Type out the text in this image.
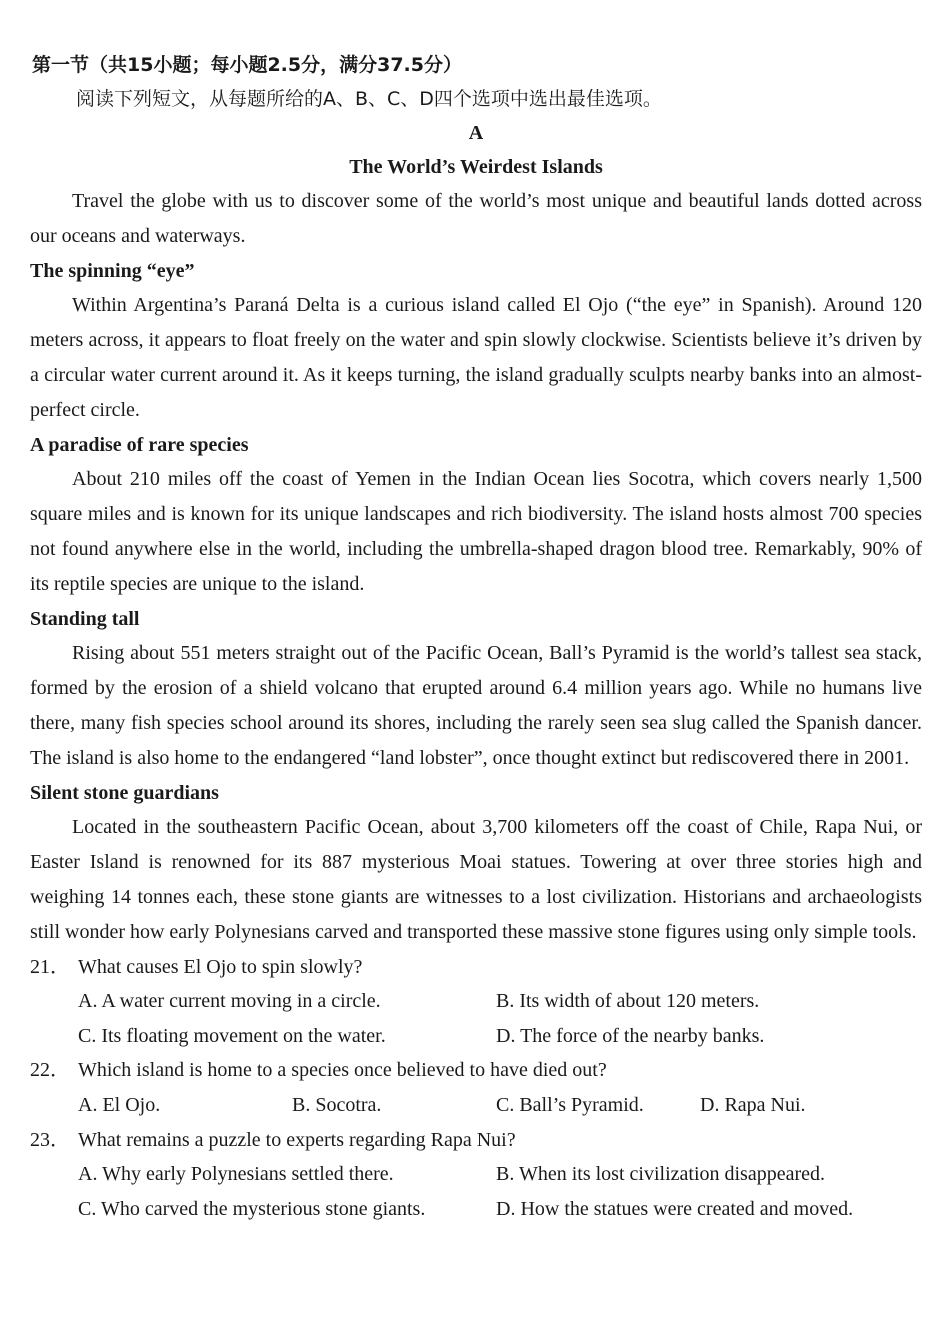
第一节（共15小题；每小题2.5分，满分37.5分）
阅读下列短文，从每题所给的A、B、C、D四个选项中选出最佳选项。
A
The World’s Weirdest Islands

Travel the globe with us to discover some of the world’s most unique and beautiful lands dotted across our oceans and waterways.

The spinning “eye”

Within Argentina’s Paraná Delta is a curious island called El Ojo (“the eye” in Spanish). Around 120 meters across, it appears to float freely on the water and spin slowly clockwise. Scientists believe it’s driven by a circular water current around it. As it keeps turning, the island gradually sculpts nearby banks into an almost-perfect circle.

A paradise of rare species

About 210 miles off the coast of Yemen in the Indian Ocean lies Socotra, which covers nearly 1,500 square miles and is known for its unique landscapes and rich biodiversity. The island hosts almost 700 species not found anywhere else in the world, including the umbrella-shaped dragon blood tree. Remarkably, 90% of its reptile species are unique to the island.

Standing tall

Rising about 551 meters straight out of the Pacific Ocean, Ball’s Pyramid is the world’s tallest sea stack, formed by the erosion of a shield volcano that erupted around 6.4 million years ago. While no humans live there, many fish species school around its shores, including the rarely seen sea slug called the Spanish dancer. The island is also home to the endangered “land lobster”, once thought extinct but rediscovered there in 2001.

Silent stone guardians

Located in the southeastern Pacific Ocean, about 3,700 kilometers off the coast of Chile, Rapa Nui, or Easter Island is renowned for its 887 mysterious Moai statues. Towering at over three stories high and weighing 14 tonnes each, these stone giants are witnesses to a lost civilization. Historians and archaeologists still wonder how early Polynesians carved and transported these massive stone figures using only simple tools.

21． What causes El Ojo to spin slowly?
A. A water current moving in a circle.	B. Its width of about 120 meters.
C. Its floating movement on the water.	D. The force of the nearby banks.
22． Which island is home to a species once believed to have died out?
A. El Ojo.	B. Socotra.	C. Ball’s Pyramid.	D. Rapa Nui.
23． What remains a puzzle to experts regarding Rapa Nui?
A. Why early Polynesians settled there.	B. When its lost civilization disappeared.
C. Who carved the mysterious stone giants.	D. How the statues were created and moved.
